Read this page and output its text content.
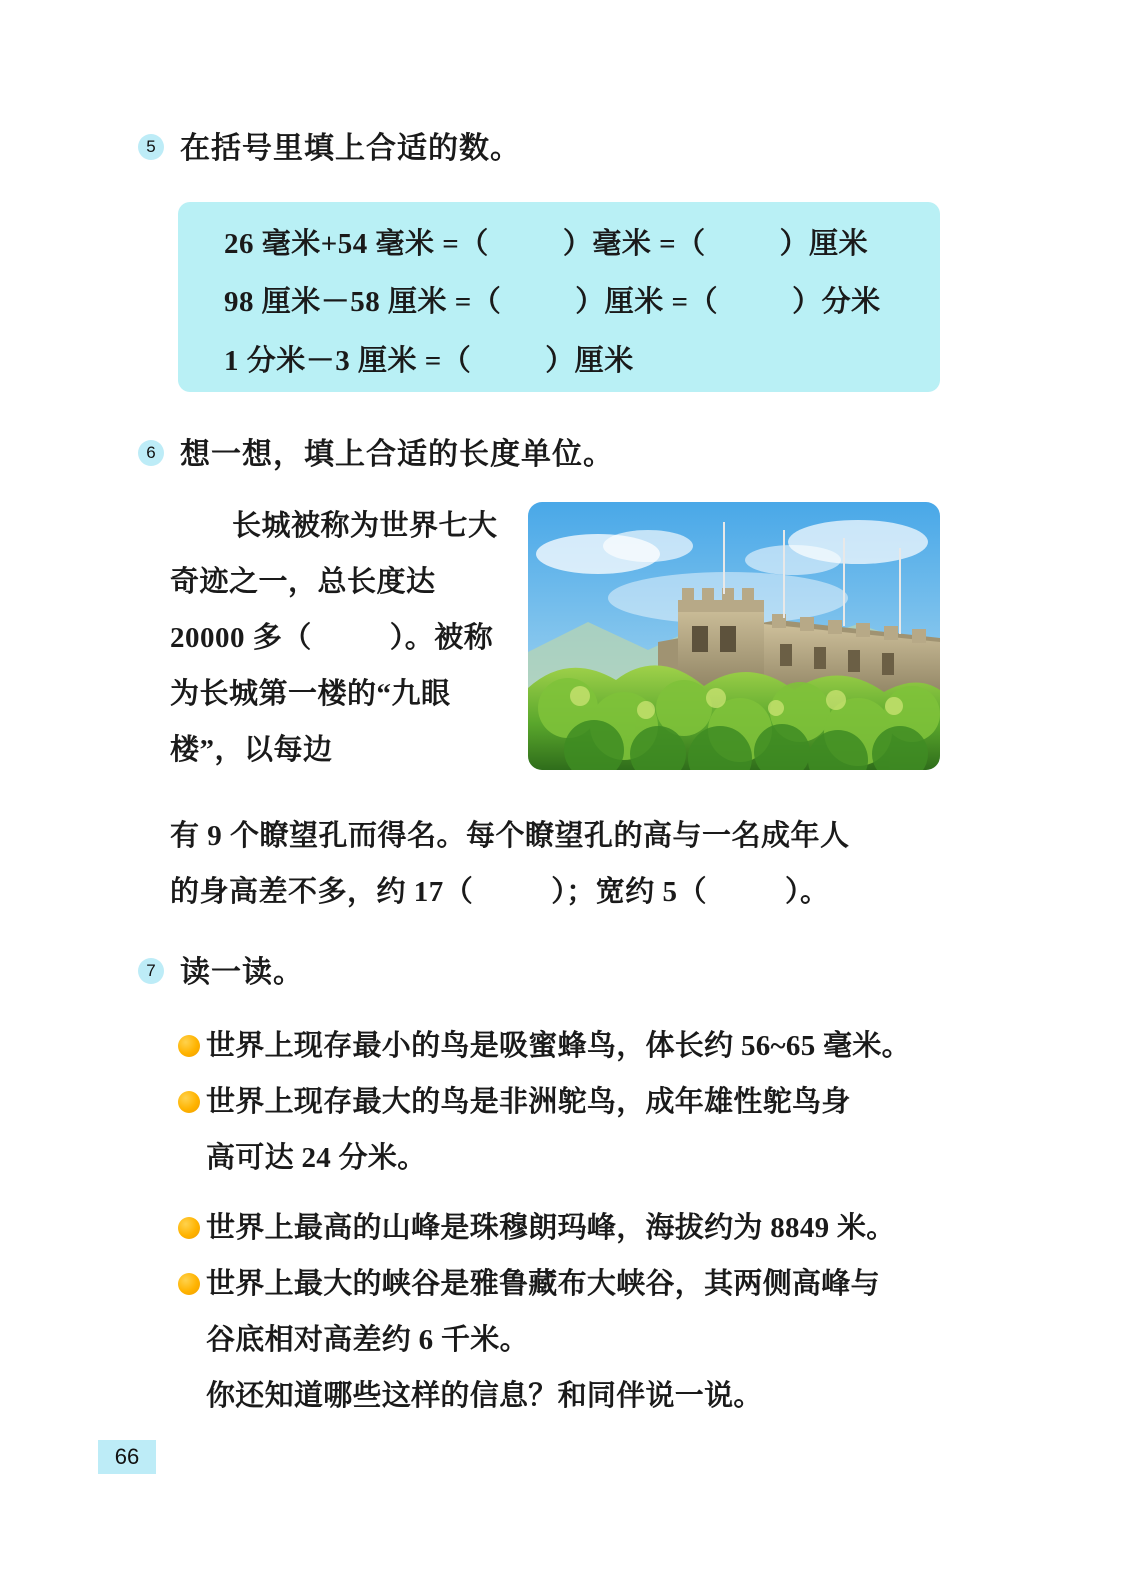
5 在括号里填上合适的数。
26 毫米+54 毫米 =（	）毫米 =（	）厘米
98 厘米－58 厘米 =（	）厘米 =（	）分米
1 分米－3 厘米 =（	）厘米
6 想一想，填上合适的长度单位。
长城被称为世界七大奇迹之一，总长度达 20000 多（	）。被称为长城第一楼的“九眼楼”，以每边
有 9 个瞭望孔而得名。每个瞭望孔的高与一名成年人
的身高差不多，约 17（	）；宽约 5（	）。
7 读一读。
世界上现存最小的鸟是吸蜜蜂鸟，体长约 56~65 毫米。
世界上现存最大的鸟是非洲鸵鸟，成年雄性鸵鸟身
高可达 24 分米。
世界上最高的山峰是珠穆朗玛峰，海拔约为 8849 米。
世界上最大的峡谷是雅鲁藏布大峡谷，其两侧高峰与
谷底相对高差约 6 千米。
你还知道哪些这样的信息？和同伴说一说。
66
